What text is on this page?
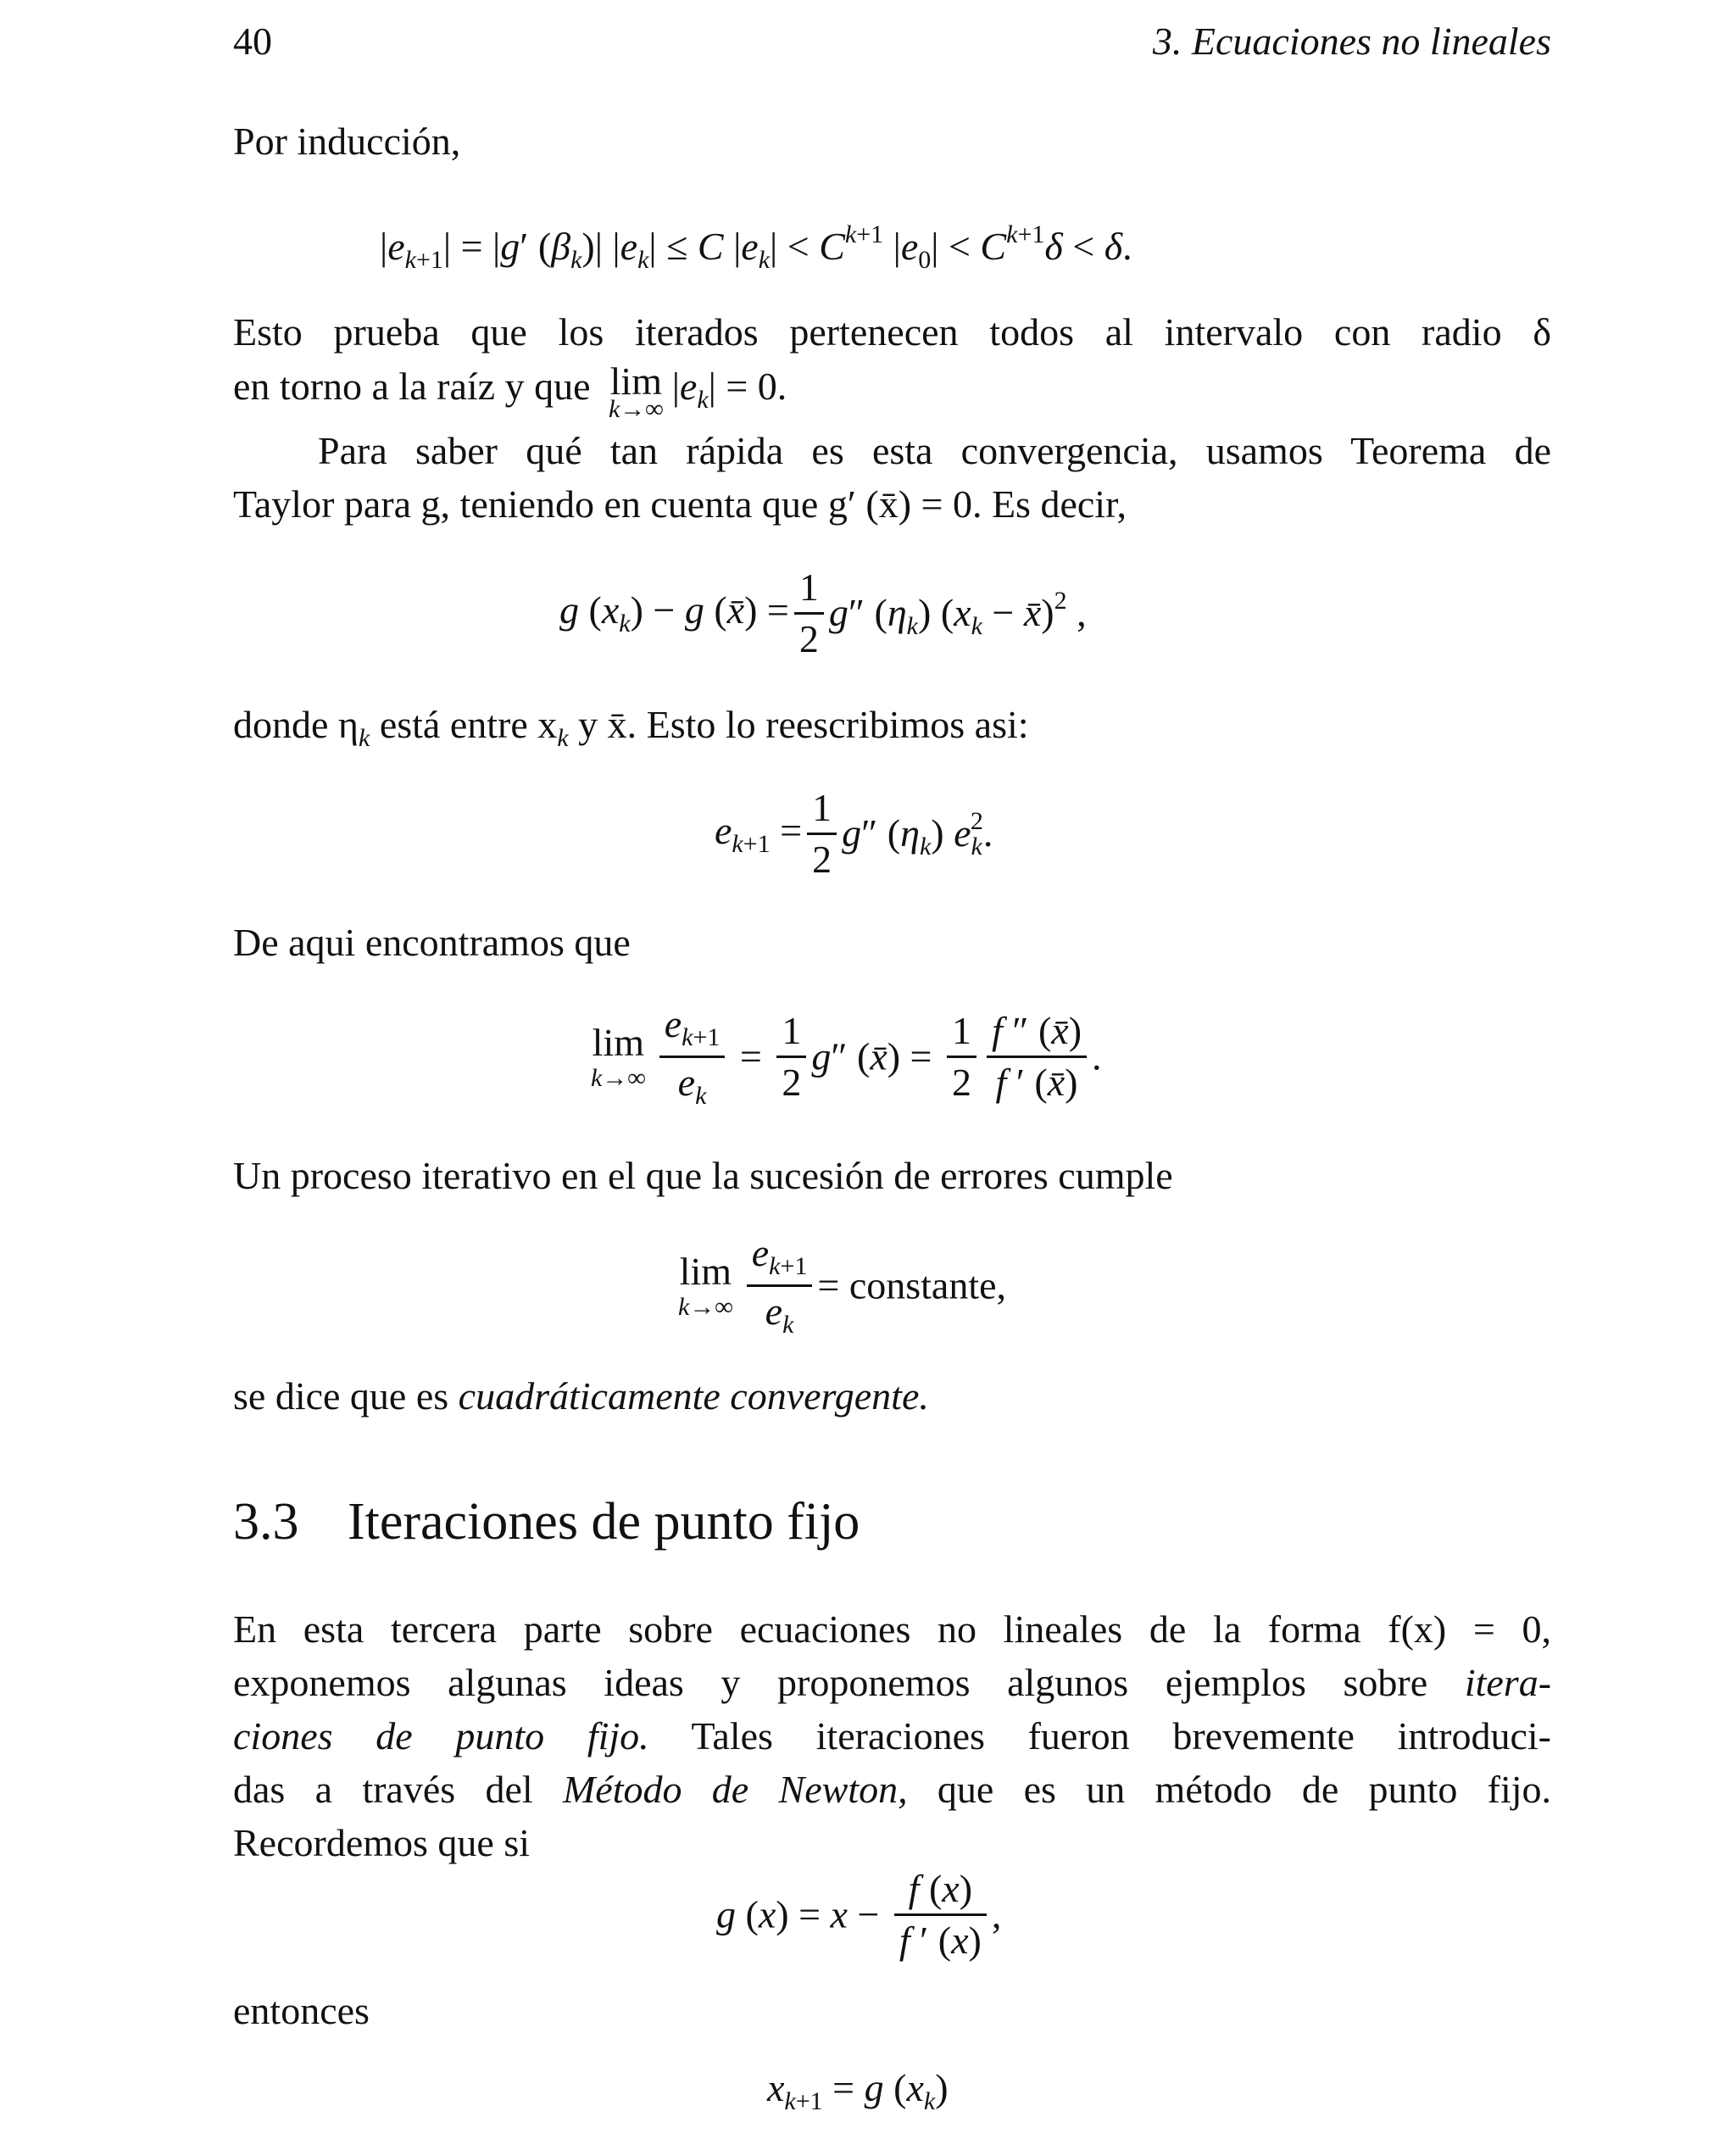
40	3. Ecuaciones no lineales
Por inducción,
$|e_{k+1}| = |g'$ $(\beta_k)|$ $|e_k| \le C$ $|e_k| < C^{k+1}$ $|e_0| < C^{k+1}\delta < \delta$.
Esto prueba que los iterados pertenecen todos al intervalo con radio δ
en torno a la raíz y que lim
k→∞
$|e_k| = 0$.
Para saber qué tan rápida es esta convergencia, usamos Teorema de
Taylor para g, teniendo en cuenta que g′ (x̄) = 0. Es decir,
g $(x_k) - g$ (x̄) = $\frac{1}{2} g''$ $(\eta_k) (x_k$ − x̄)$^2$ ,
donde $\eta_k$ está entre $x_k$ y x̄. Esto lo reescribimos asi:
$e_{k+1} = \frac{1}{2} g''$ $(\eta_k)$ $e_k^2$.
De aqui encontramos que
lim
$k\to\infty \frac{e_{k+1}}{e_k} = \frac{1}{2} g''$ (x̄) = $\frac{1}{2} \frac{f '' (x̄)}{f ' (x̄)}$ .
Un proceso iterativo en el que la sucesión de errores cumple
lim
$k\to\infty \frac{e_{k+1}}{e_k}$ = constante,
se dice que es cuadráticamente convergente.
3.3 Iteraciones de punto fijo
En esta tercera parte sobre ecuaciones no lineales de la forma f(x) = 0,
exponemos algunas ideas y proponemos algunos ejemplos sobre itera-
ciones de punto fijo. Tales iteraciones fueron brevemente introduci-
das a través del Método de Newton, que es un método de punto fijo.
Recordemos que si
g $(x) = x - \frac{f (x)}{f ' (x)}$ ,
entonces
$x_{k+1} = g$ $(x_k)$
